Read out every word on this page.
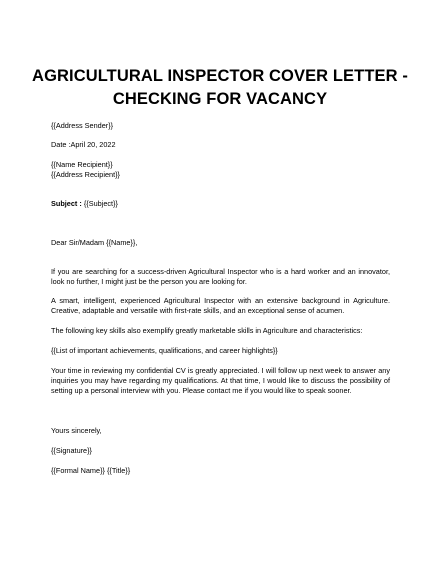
AGRICULTURAL INSPECTOR COVER LETTER -
CHECKING FOR VACANCY
{{Address Sender}}
Date :April 20, 2022
{{Name Recipient}}
{{Address Recipient}}
Subject : {{Subject}}
Dear Sir/Madam {{Name}},
If you are searching for a success-driven Agricultural Inspector who is a hard worker and an innovator, look no further, I might just be the person you are looking for.
A smart, intelligent, experienced Agricultural Inspector with an extensive background in Agriculture. Creative, adaptable and versatile with first-rate skills, and an exceptional sense of acumen.
The following key skills also exemplify greatly marketable skills in Agriculture and characteristics:
{{List of important achievements, qualifications, and career highlights}}
Your time in reviewing my confidential CV is greatly appreciated. I will follow up next week to answer any inquiries you may have regarding my qualifications. At that time, I would like to discuss the possibility of setting up a personal interview with you. Please contact me if you would like to speak sooner.
Yours sincerely,
{{Signature}}
{{Formal Name}} {{Title}}
